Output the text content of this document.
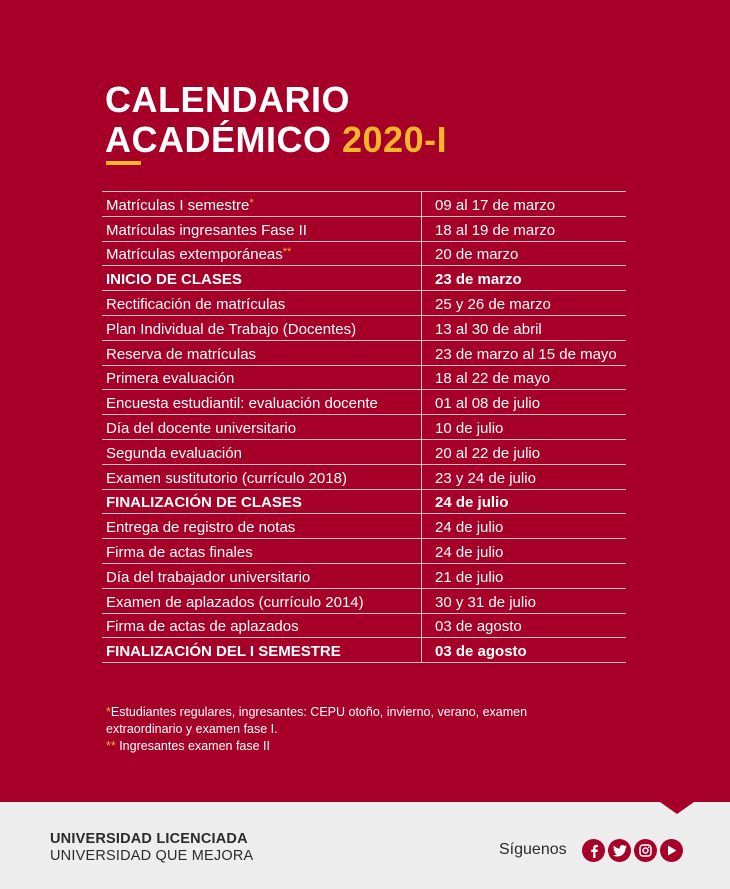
CALENDARIO
ACADÉMICO 2020-I
Matrículas I semestre*	09 al 17 de marzo
Matrículas ingresantes Fase II	18 al 19 de marzo
Matrículas extemporáneas**	20 de marzo
INICIO DE CLASES	23 de marzo
Rectificación de matrículas	25 y 26 de marzo
Plan Individual de Trabajo (Docentes)	13 al 30 de abril
Reserva de matrículas	23 de marzo al 15 de mayo
Primera evaluación	18 al 22 de mayo
Encuesta estudiantil: evaluación docente	01 al 08 de julio
Día del docente universitario	10 de julio
Segunda evaluación	20 al 22 de julio
Examen sustitutorio (currículo 2018)	23 y 24 de julio
FINALIZACIÓN DE CLASES	24 de julio
Entrega de registro de notas	24 de julio
Firma de actas finales	24 de julio
Día del trabajador universitario	21 de julio
Examen de aplazados (currículo 2014)	30 y 31 de julio
Firma de actas de aplazados	03 de agosto
FINALIZACIÓN DEL I SEMESTRE	03 de agosto
*Estudiantes regulares, ingresantes: CEPU otoño, invierno, verano, examen extraordinario y examen fase I.
** Ingresantes examen fase II
UNIVERSIDAD LICENCIADA
UNIVERSIDAD QUE MEJORA	Síguenos
